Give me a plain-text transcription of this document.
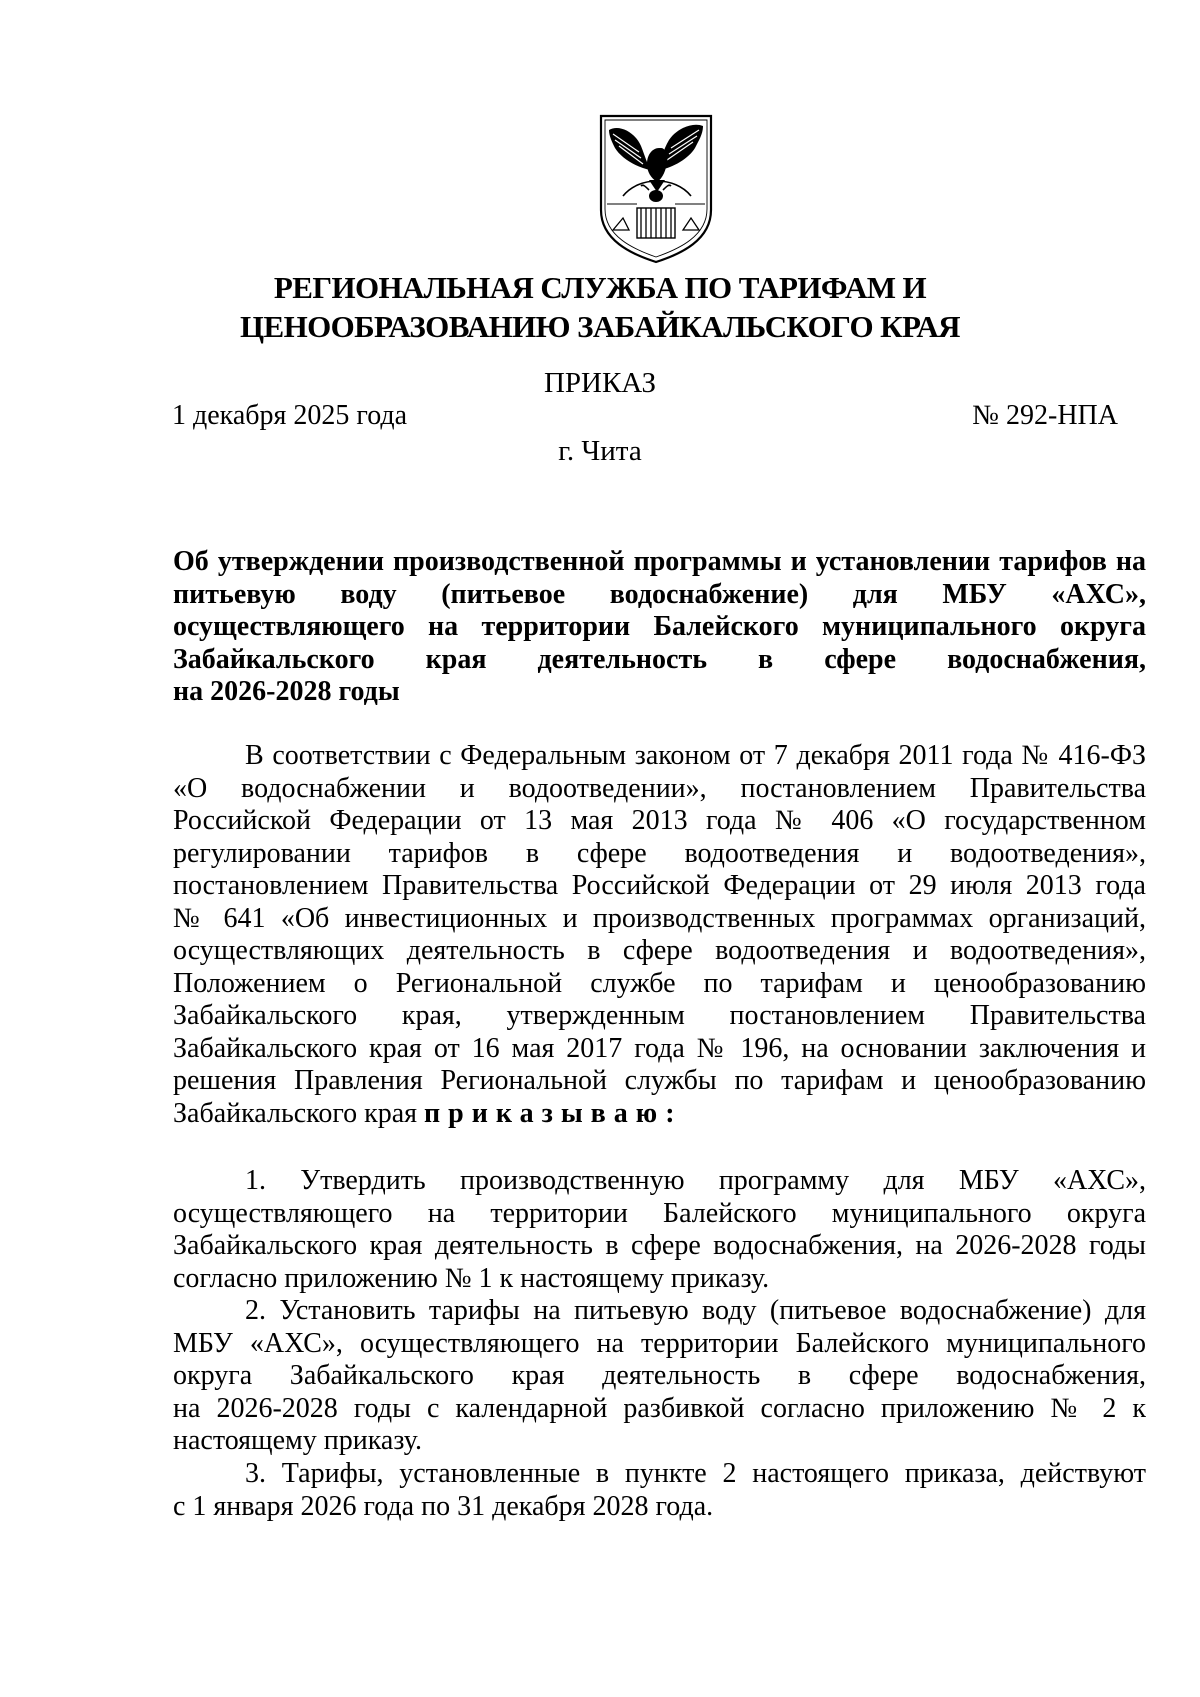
РЕГИОНАЛЬНАЯ СЛУЖБА ПО ТАРИФАМ И
ЦЕНООБРАЗОВАНИЮ ЗАБАЙКАЛЬСКОГО КРАЯ
ПРИКАЗ
1 декабря 2025 года	№ 292-НПА
г. Чита
Об утверждении производственной программы и установлении тарифов на
питьевую воду (питьевое водоснабжение) для МБУ «АХС»,
осуществляющего на территории Балейского муниципального округа
Забайкальского края деятельность в сфере водоснабжения,
на 2026-2028 годы
В соответствии с Федеральным законом от 7 декабря 2011 года № 416-ФЗ
«О водоснабжении и водоотведении», постановлением Правительства
Российской Федерации от 13 мая 2013 года № 406 «О государственном
регулировании тарифов в сфере водоотведения и водоотведения»,
постановлением Правительства Российской Федерации от 29 июля 2013 года
№ 641 «Об инвестиционных и производственных программах организаций,
осуществляющих деятельность в сфере водоотведения и водоотведения»,
Положением о Региональной службе по тарифам и ценообразованию
Забайкальского края, утвержденным постановлением Правительства
Забайкальского края от 16 мая 2017 года № 196, на основании заключения и
решения Правления Региональной службы по тарифам и ценообразованию
Забайкальского края приказываю:
1. Утвердить производственную программу для МБУ «АХС»,
осуществляющего на территории Балейского муниципального округа
Забайкальского края деятельность в сфере водоснабжения, на 2026-2028 годы
согласно приложению № 1 к настоящему приказу.
2. Установить тарифы на питьевую воду (питьевое водоснабжение) для
МБУ «АХС», осуществляющего на территории Балейского муниципального
округа Забайкальского края деятельность в сфере водоснабжения,
на 2026-2028 годы с календарной разбивкой согласно приложению № 2 к
настоящему приказу.
3. Тарифы, установленные в пункте 2 настоящего приказа, действуют
с 1 января 2026 года по 31 декабря 2028 года.
